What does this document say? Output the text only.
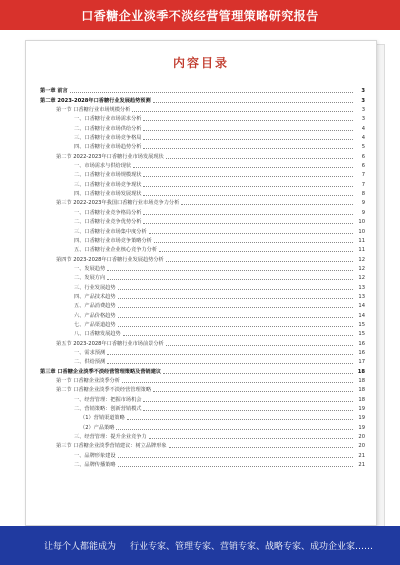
口香糖企业淡季不淡经营管理策略研究报告
内容目录
第一章 前言	3
第二章 2023-2028年口香糖行业发展趋势预测	3
第一节 口香糖行业市场规模分析	3
一、口香糖行业市场需求分析	3
二、口香糖行业市场供给分析	4
三、口香糖行业市场竞争格局	4
四、口香糖行业市场趋势分析	5
第二节 2022-2023年口香糖行业市场发展现状	6
一、市场需求与供给现状	6
二、口香糖行业市场规模现状	7
三、口香糖行业市场竞争现状	7
四、口香糖行业市场发展现状	8
第三节 2022-2023年我国口香糖行业市场竞争力分析	9
一、口香糖行业竞争格局分析	9
二、口香糖行业竞争优势分析	10
三、口香糖行业市场集中度分析	10
四、口香糖行业市场竞争策略分析	11
五、口香糖行业企业核心竞争力分析	11
第四节 2023-2028年口香糖行业发展趋势分析	12
一、发展趋势	12
二、发展方向	12
三、行业发展趋势	13
四、产品技术趋势	13
五、产品消费趋势	14
六、产品价格趋势	14
七、产品渠道趋势	15
八、口香糖发展趋势	15
第五节 2023-2028年口香糖行业市场前景分析	16
一、需求预测	16
二、供给预测	17
第三章 口香糖企业淡季不淡经营管理策略及营销建议	18
第一节 口香糖企业淡季分析	18
第二节 口香糖企业淡季不淡经营管理策略	18
一、经营管理：把握市场机会	18
二、营销策略：创新营销模式	19
（1）营销渠道策略	19
（2）产品策略	19
三、经营管理：提升企业竞争力	20
第三节 口香糖企业淡季营销建议：树立品牌形象	20
一、品牌形象建设	21
二、品牌传播策略	21
让每个人都能成为 行业专家、管理专家、营销专家、战略专家、成功企业家……
